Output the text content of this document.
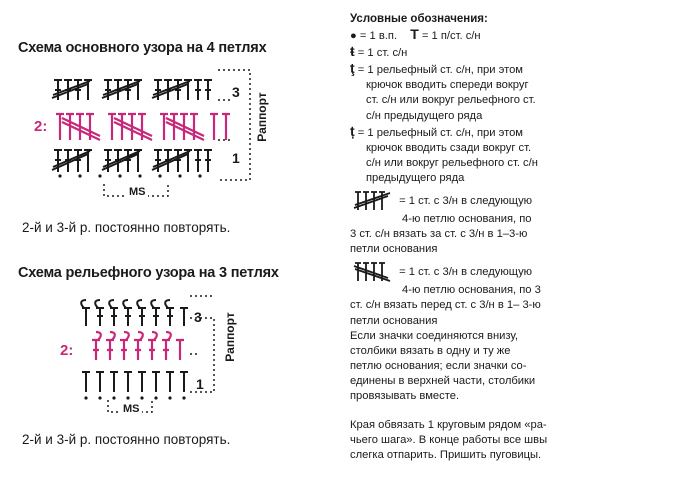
Схема основного узора на 4 петлях
3
2:
1
Раппорт
MS
2-й и 3-й р. постоянно повторять.
Схема рельефного узора на 3 петлях
3
2:
1
Раппорт
MS
2-й и 3-й р. постоянно повторять.
Условные обозначения:
● = 1 в.п. T = 1 п/ст. с/н
ŧ = 1 ст. с/н
ţ = 1 рельефный ст. с/н, при этом
крючок вводить спереди вокруг
ст. с/н или вокруг рельефного ст.
с/н предыдущего ряда
ț = 1 рельефный ст. с/н, при этом
крючок вводить сзади вокруг ст.
с/н или вокруг рельефного ст. с/н
предыдущего ряда
= 1 ст. с 3/н в следующую
4-ю петлю основания, по
3 ст. с/н вязать за ст. с 3/н в 1–3-ю
петли основания
= 1 ст. с 3/н в следующую
4-ю петлю основания, по 3
ст. с/н вязать перед ст. с 3/н в 1– 3-ю
петли основания
Если значки соединяются внизу,
столбики вязать в одну и ту же
петлю основания; если значки со-
единены в верхней части, столбики
провязывать вместе.
Края обвязать 1 круговым рядом «ра-
чьего шага». В конце работы все швы
слегка отпарить. Пришить пуговицы.
